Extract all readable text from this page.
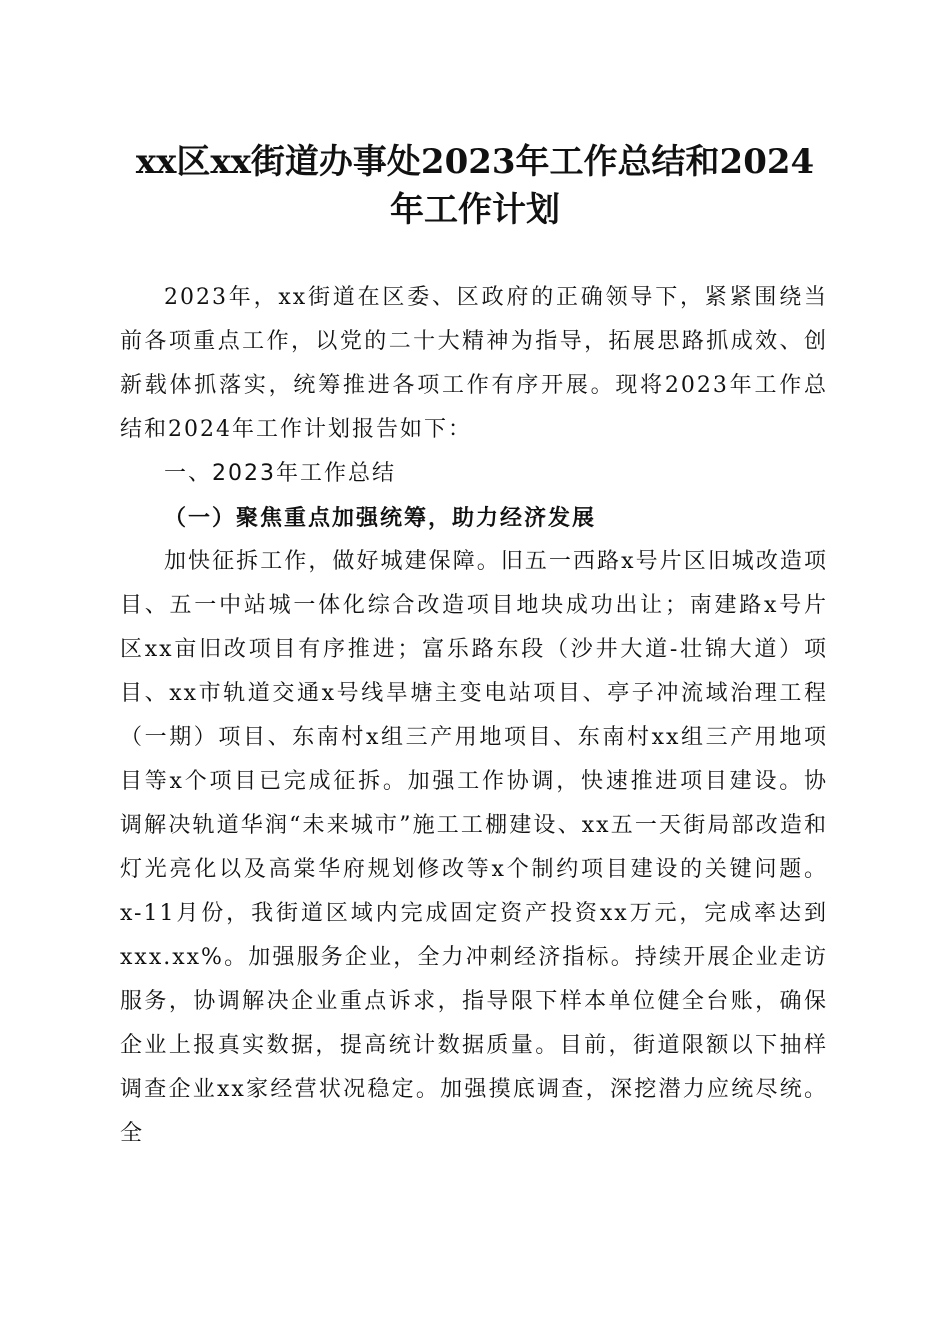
xx区xx街道办事处2023年工作总结和2024
年工作计划

2023年，xx街道在区委、区政府的正确领导下，紧紧围绕当前各项重点工作，以党的二十大精神为指导，拓展思路抓成效、创新载体抓落实，统筹推进各项工作有序开展。现将2023年工作总结和2024年工作计划报告如下：

一、2023年工作总结

（一）聚焦重点加强统筹，助力经济发展

加快征拆工作，做好城建保障。旧五一西路x号片区旧城改造项目、五一中站城一体化综合改造项目地块成功出让；南建路x号片区xx亩旧改项目有序推进；富乐路东段（沙井大道-壮锦大道）项目、xx市轨道交通x号线旱塘主变电站项目、亭子冲流域治理工程（一期）项目、东南村x组三产用地项目、东南村xx组三产用地项目等x个项目已完成征拆。加强工作协调，快速推进项目建设。协调解决轨道华润“未来城市”施工工棚建设、xx五一天街局部改造和灯光亮化以及高棠华府规划修改等x个制约项目建设的关键问题。x-11月份，我街道区域内完成固定资产投资xx万元，完成率达到xxx.xx%。加强服务企业，全力冲刺经济指标。持续开展企业走访服务，协调解决企业重点诉求，指导限下样本单位健全台账，确保企业上报真实数据，提高统计数据质量。目前，街道限额以下抽样调查企业xx家经营状况稳定。加强摸底调查，深挖潜力应统尽统。全
